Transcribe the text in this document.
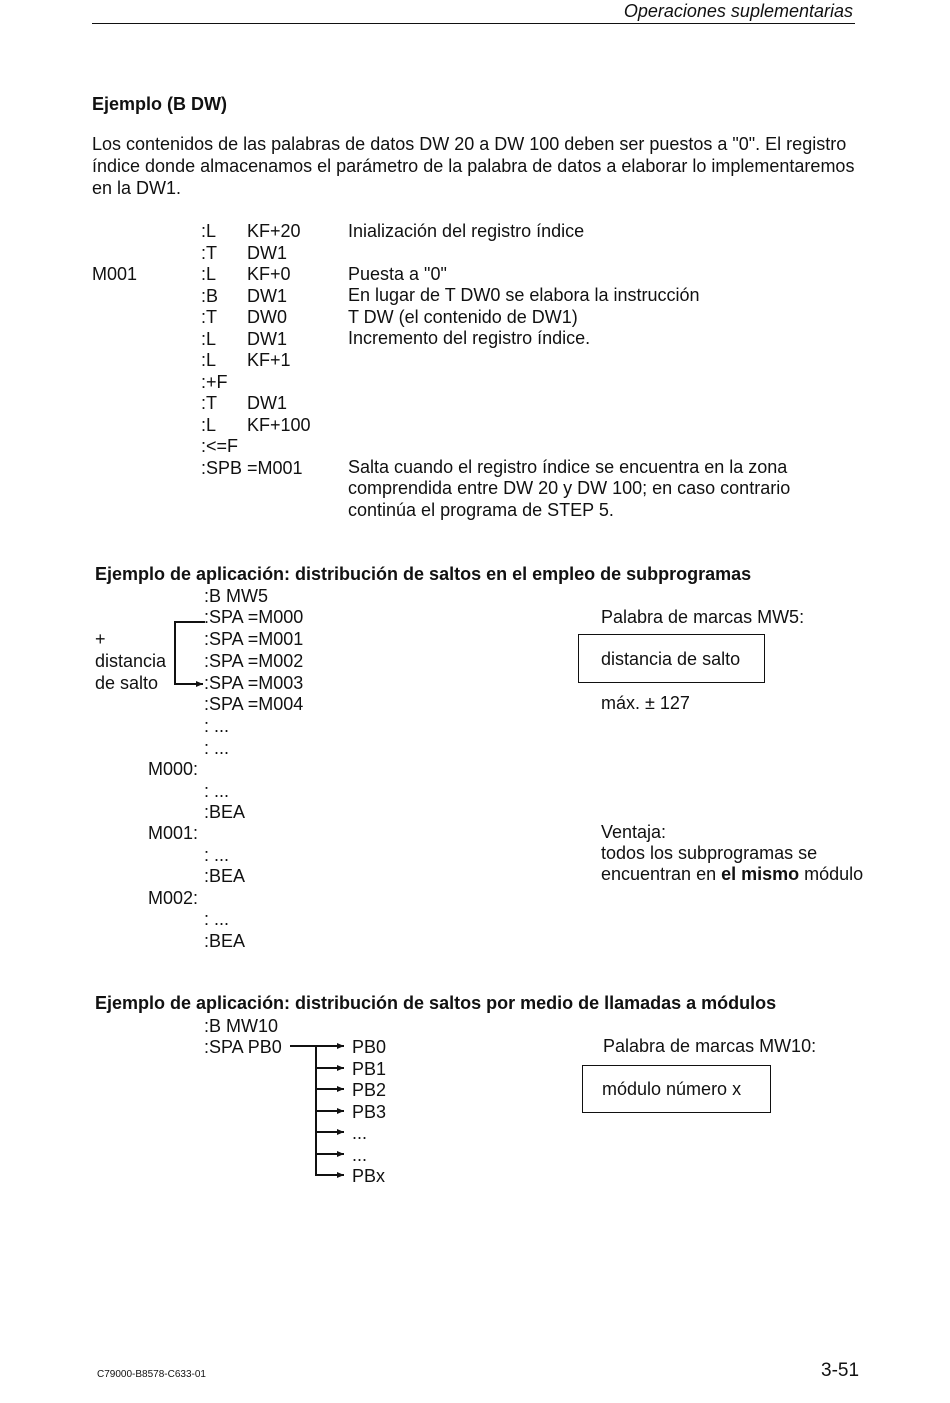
Operaciones suplementarias
Ejemplo (B DW)
Los contenidos de las palabras de datos DW 20 a DW 100 deben ser puestos a "0". El registro índice donde almacenamos el parámetro de la palabra de datos a elaborar lo implementaremos en la DW1.
M001
:L KF+20
:T DW1
:L KF+0
:B DW1
:T DW0
:L DW1
:L KF+1
:+F
:T DW1
:L KF+100
:<=F
:SPB =M001
Inialización del registro índice
Puesta a "0"
En lugar de T DW0 se elabora la instrucción
T DW (el contenido de DW1)
Incremento del registro índice.
Salta cuando el registro índice se encuentra en la zona
comprendida entre DW 20 y DW 100; en caso contrario
continúa el programa de STEP 5.
Ejemplo de aplicación: distribución de saltos en el empleo de subprogramas
:B MW5
:SPA =M000
:SPA =M001
:SPA =M002
:SPA =M003
:SPA =M004
: ...
: ...
+
distancia
de salto
M000:
: ...
:BEA
M001:
: ...
:BEA
M002:
: ...
:BEA
Palabra de marcas MW5:
distancia de salto
máx. ± 127
Ventaja:
todos los subprogramas se
encuentran en el mismo módulo
Ejemplo de aplicación: distribución de saltos por medio de llamadas a módulos
:B MW10
:SPA PB0	PB0
PB1
PB2
PB3
...
...
PBx
Palabra de marcas MW10:
módulo número x
C79000-B8578-C633-01	3-51
